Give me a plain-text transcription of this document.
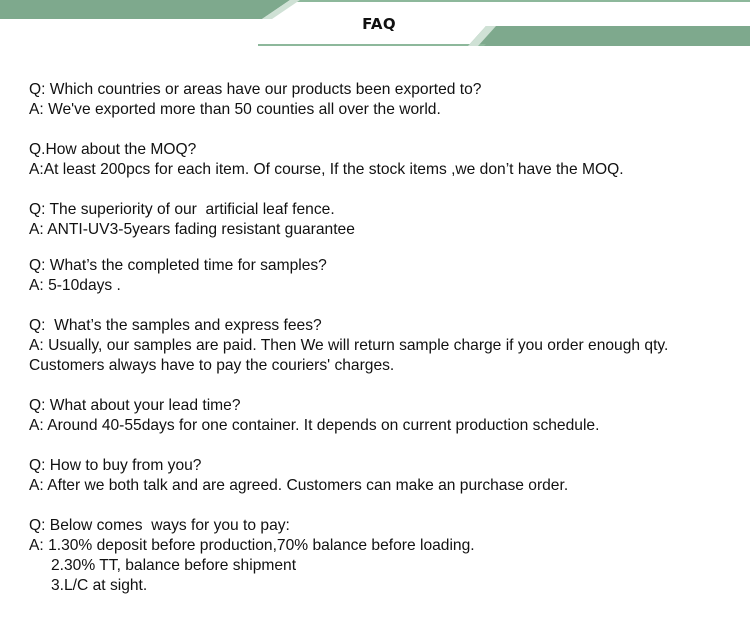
FAQ
Q: Which countries or areas have our products been exported to?
A: We've exported more than 50 counties all over the world.
Q.How about the MOQ?
A:At least 200pcs for each item. Of course, If the stock items ,we don’t have the MOQ.
Q: The superiority of our  artificial leaf fence.
A: ANTI-UV3-5years fading resistant guarantee
Q: What’s the completed time for samples?
A: 5-10days .
Q:  What’s the samples and express fees?
A: Usually, our samples are paid. Then We will return sample charge if you order enough qty.
Customers always have to pay the couriers' charges.
Q: What about your lead time?
A: Around 40-55days for one container. It depends on current production schedule.
Q: How to buy from you?
A: After we both talk and are agreed. Customers can make an purchase order.
Q: Below comes  ways for you to pay:
A: 1.30% deposit before production,70% balance before loading.
2.30% TT, balance before shipment
3.L/C at sight.
